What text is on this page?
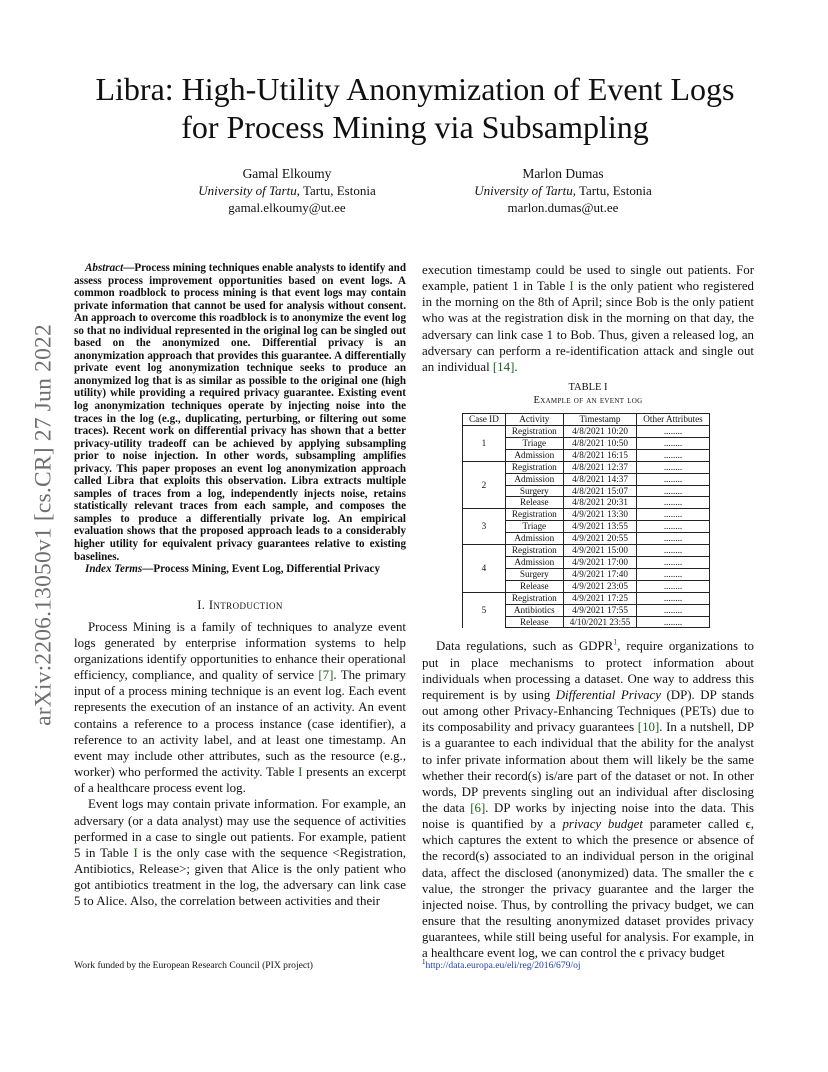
arXiv:2206.13050v1 [cs.CR] 27 Jun 2022
Libra: High-Utility Anonymization of Event Logs
for Process Mining via Subsampling
Gamal Elkoumy
University of Tartu, Tartu, Estonia
gamal.elkoumy@ut.ee
Marlon Dumas
University of Tartu, Tartu, Estonia
marlon.dumas@ut.ee

Abstract—Process mining techniques enable analysts to identify and assess process improvement opportunities based on event logs. A common roadblock to process mining is that event logs may contain private information that cannot be used for analysis without consent. An approach to overcome this roadblock is to anonymize the event log so that no individual represented in the original log can be singled out based on the anonymized one. Differential privacy is an anonymization approach that provides this guarantee. A differentially private event log anonymization technique seeks to produce an anonymized log that is as similar as possible to the original one (high utility) while providing a required privacy guarantee. Existing event log anonymization techniques operate by injecting noise into the traces in the log (e.g., duplicating, perturbing, or filtering out some traces). Recent work on differential privacy has shown that a better privacy-utility tradeoff can be achieved by applying subsampling prior to noise injection. In other words, subsampling amplifies privacy. This paper proposes an event log anonymization approach called Libra that exploits this observation. Libra extracts multiple samples of traces from a log, independently injects noise, retains statistically relevant traces from each sample, and composes the samples to produce a differentially private log. An empirical evaluation shows that the proposed approach leads to a considerably higher utility for equivalent privacy guarantees relative to existing baselines.

Index Terms—Process Mining, Event Log, Differential Privacy

I. Introduction

Process Mining is a family of techniques to analyze event logs generated by enterprise information systems to help organizations identify opportunities to enhance their operational efficiency, compliance, and quality of service [7]. The primary input of a process mining technique is an event log. Each event represents the execution of an instance of an activity. An event contains a reference to a process instance (case identifier), a reference to an activity label, and at least one timestamp. An event may include other attributes, such as the resource (e.g., worker) who performed the activity. Table I presents an excerpt of a healthcare process event log.

Event logs may contain private information. For example, an adversary (or a data analyst) may use the sequence of activities performed in a case to single out patients. For example, patient 5 in Table I is the only case with the sequence <Registration, Antibiotics, Release>; given that Alice is the only patient who got antibiotics treatment in the log, the adversary can link case 5 to Alice. Also, the correlation between activities and their

execution timestamp could be used to single out patients. For example, patient 1 in Table I is the only patient who registered in the morning on the 8th of April; since Bob is the only patient who was at the registration disk in the morning on that day, the adversary can link case 1 to Bob. Thus, given a released log, an adversary can perform a re-identification attack and single out an individual [14].

TABLE I
Example of an event log
Case ID	Activity	Timestamp	Other Attributes
1	Registration	4/8/2021 10:20	........
	Triage	4/8/2021 10:50	........
	Admission	4/8/2021 16:15	........
2	Registration	4/8/2021 12:37	........
	Admission	4/8/2021 14:37	........
	Surgery	4/8/2021 15:07	........
	Release	4/8/2021 20:31	........
3	Registration	4/9/2021 13:30	........
	Triage	4/9/2021 13:55	........
	Admission	4/9/2021 20:55	........
4	Registration	4/9/2021 15:00	........
	Admission	4/9/2021 17:00	........
	Surgery	4/9/2021 17:40	........
	Release	4/9/2021 23:05	........
5	Registration	4/9/2021 17:25	........
	Antibiotics	4/9/2021 17:55	........
	Release	4/10/2021 23:55	........

Data regulations, such as GDPR$^1$, require organizations to put in place mechanisms to protect information about individuals when processing a dataset. One way to address this requirement is by using Differential Privacy (DP). DP stands out among other Privacy-Enhancing Techniques (PETs) due to its composability and privacy guarantees [10]. In a nutshell, DP is a guarantee to each individual that the ability for the analyst to infer private information about them will likely be the same whether their record(s) is/are part of the dataset or not. In other words, DP prevents singling out an individual after disclosing the data [6]. DP works by injecting noise into the data. This noise is quantified by a privacy budget parameter called ϵ, which captures the extent to which the presence or absence of the record(s) associated to an individual person in the original data, affect the disclosed (anonymized) data. The smaller the ϵ value, the stronger the privacy guarantee and the larger the injected noise. Thus, by controlling the privacy budget, we can ensure that the resulting anonymized dataset provides privacy guarantees, while still being useful for analysis. For example, in a healthcare event log, we can control the ϵ privacy budget

Work funded by the European Research Council (PIX project)	$^1$http://data.europa.eu/eli/reg/2016/679/oj
